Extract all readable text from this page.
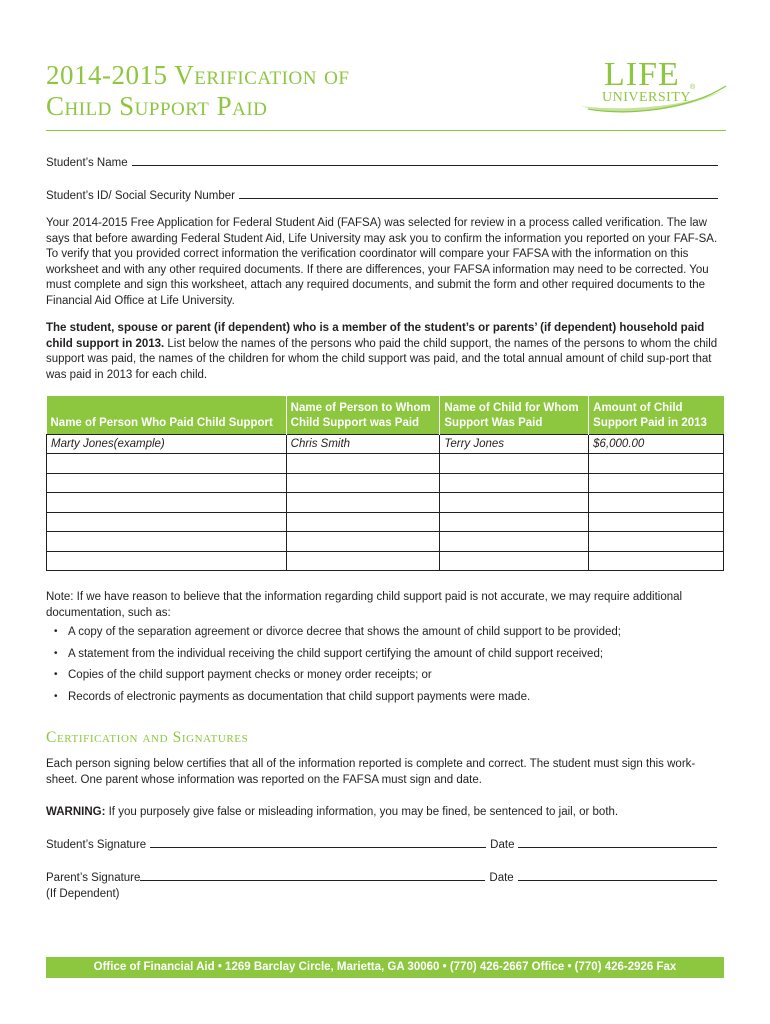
2014-2015 Verification of
Child Support Paid
LIFE ®
UNIVERSITY
Student’s Name
Student’s ID/ Social Security Number

Your 2014-2015 Free Application for Federal Student Aid (FAFSA) was selected for review in a process called verification. The law says that before awarding Federal Student Aid, Life University may ask you to confirm the information you reported on your FAF-SA. To verify that you provided correct information the verification coordinator will compare your FAFSA with the information on this worksheet and with any other required documents. If there are differences, your FAFSA information may need to be corrected. You must complete and sign this worksheet, attach any required documents, and submit the form and other required documents to the Financial Aid Office at Life University.

The student, spouse or parent (if dependent) who is a member of the student’s or parents’ (if dependent) household paid child support in 2013. List below the names of the persons who paid the child support, the names of the persons to whom the child support was paid, the names of the children for whom the child support was paid, and the total annual amount of child sup-port that was paid in 2013 for each child.

Name of Person Who Paid Child Support	Name of Person to Whom Child Support was Paid	Name of Child for Whom Support Was Paid	Amount of Child Support Paid in 2013
Marty Jones(example)	Chris Smith	Terry Jones	$6,000.00

Note: If we have reason to believe that the information regarding child support paid is not accurate, we may require additional documentation, such as:

• A copy of the separation agreement or divorce decree that shows the amount of child support to be provided;
• A statement from the individual receiving the child support certifying the amount of child support received;
• Copies of the child support payment checks or money order receipts; or
• Records of electronic payments as documentation that child support payments were made.
Certification and Signatures

Each person signing below certifies that all of the information reported is complete and correct. The student must sign this work-sheet. One parent whose information was reported on the FAFSA must sign and date.

WARNING: If you purposely give false or misleading information, you may be fined, be sentenced to jail, or both.

Student’s Signature	Date
Parent’s Signature	Date
(If Dependent)
Office of Financial Aid • 1269 Barclay Circle, Marietta, GA 30060 • (770) 426-2667 Office • (770) 426-2926 Fax
